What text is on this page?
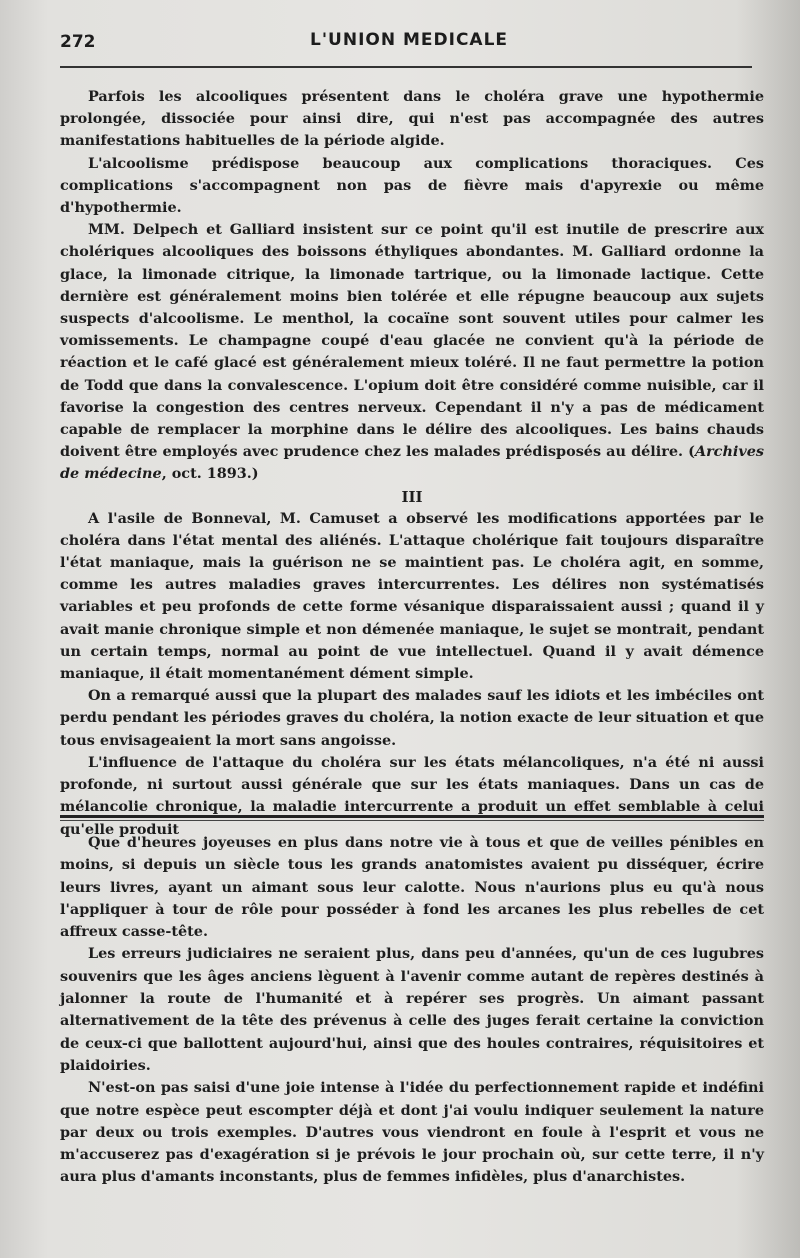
272	L'UNION MEDICALE

Parfois les alcooliques présentent dans le choléra grave une hypothermie prolongée, dissociée pour ainsi dire, qui n'est pas accompagnée des autres manifestations habituelles de la période algide.

L'alcoolisme prédispose beaucoup aux complications thoraciques. Ces complications s'accompagnent non pas de fièvre mais d'apyrexie ou même d'hypothermie.

MM. Delpech et Galliard insistent sur ce point qu'il est inutile de prescrire aux cholériques alcooliques des boissons éthyliques abondantes. M. Galliard ordonne la glace, la limonade citrique, la limonade tartrique, ou la limonade lactique. Cette dernière est généralement moins bien tolérée et elle répugne beaucoup aux sujets suspects d'alcoolisme. Le menthol, la cocaïne sont souvent utiles pour calmer les vomissements. Le champagne coupé d'eau glacée ne convient qu'à la période de réaction et le café glacé est généralement mieux toléré. Il ne faut permettre la potion de Todd que dans la convalescence. L'opium doit être considéré comme nuisible, car il favorise la congestion des centres nerveux. Cependant il n'y a pas de médicament capable de remplacer la morphine dans le délire des alcooliques. Les bains chauds doivent être employés avec prudence chez les malades prédisposés au délire. (Archives de médecine, oct. 1893.)

III

A l'asile de Bonneval, M. Camuset a observé les modifications apportées par le choléra dans l'état mental des aliénés. L'attaque cholérique fait toujours disparaître l'état maniaque, mais la guérison ne se maintient pas. Le choléra agit, en somme, comme les autres maladies graves intercurrentes. Les délires non systématisés variables et peu profonds de cette forme vésanique disparaissaient aussi ; quand il y avait manie chronique simple et non démenée maniaque, le sujet se montrait, pendant un certain temps, normal au point de vue intellectuel. Quand il y avait démence maniaque, il était momentanément dément simple.

On a remarqué aussi que la plupart des malades sauf les idiots et les imbéciles ont perdu pendant les périodes graves du choléra, la notion exacte de leur situation et que tous envisageaient la mort sans angoisse.

L'influence de l'attaque du choléra sur les états mélancoliques, n'a été ni aussi profonde, ni surtout aussi générale que sur les états maniaques. Dans un cas de mélancolie chronique, la maladie intercurrente a produit un effet semblable à celui qu'elle produit

Que d'heures joyeuses en plus dans notre vie à tous et que de veilles pénibles en moins, si depuis un siècle tous les grands anatomistes avaient pu disséquer, écrire leurs livres, ayant un aimant sous leur calotte. Nous n'aurions plus eu qu'à nous l'appliquer à tour de rôle pour posséder à fond les arcanes les plus rebelles de cet affreux casse-tête.

Les erreurs judiciaires ne seraient plus, dans peu d'années, qu'un de ces lugubres souvenirs que les âges anciens lèguent à l'avenir comme autant de repères destinés à jalonner la route de l'humanité et à repérer ses progrès. Un aimant passant alternativement de la tête des prévenus à celle des juges ferait certaine la conviction de ceux-ci que ballottent aujourd'hui, ainsi que des houles contraires, réquisitoires et plaidoiries.

N'est-on pas saisi d'une joie intense à l'idée du perfectionnement rapide et indéfini que notre espèce peut escompter déjà et dont j'ai voulu indiquer seulement la nature par deux ou trois exemples. D'autres vous viendront en foule à l'esprit et vous ne m'accuserez pas d'exagération si je prévois le jour prochain où, sur cette terre, il n'y aura plus d'amants inconstants, plus de femmes infidèles, plus d'anarchistes.
